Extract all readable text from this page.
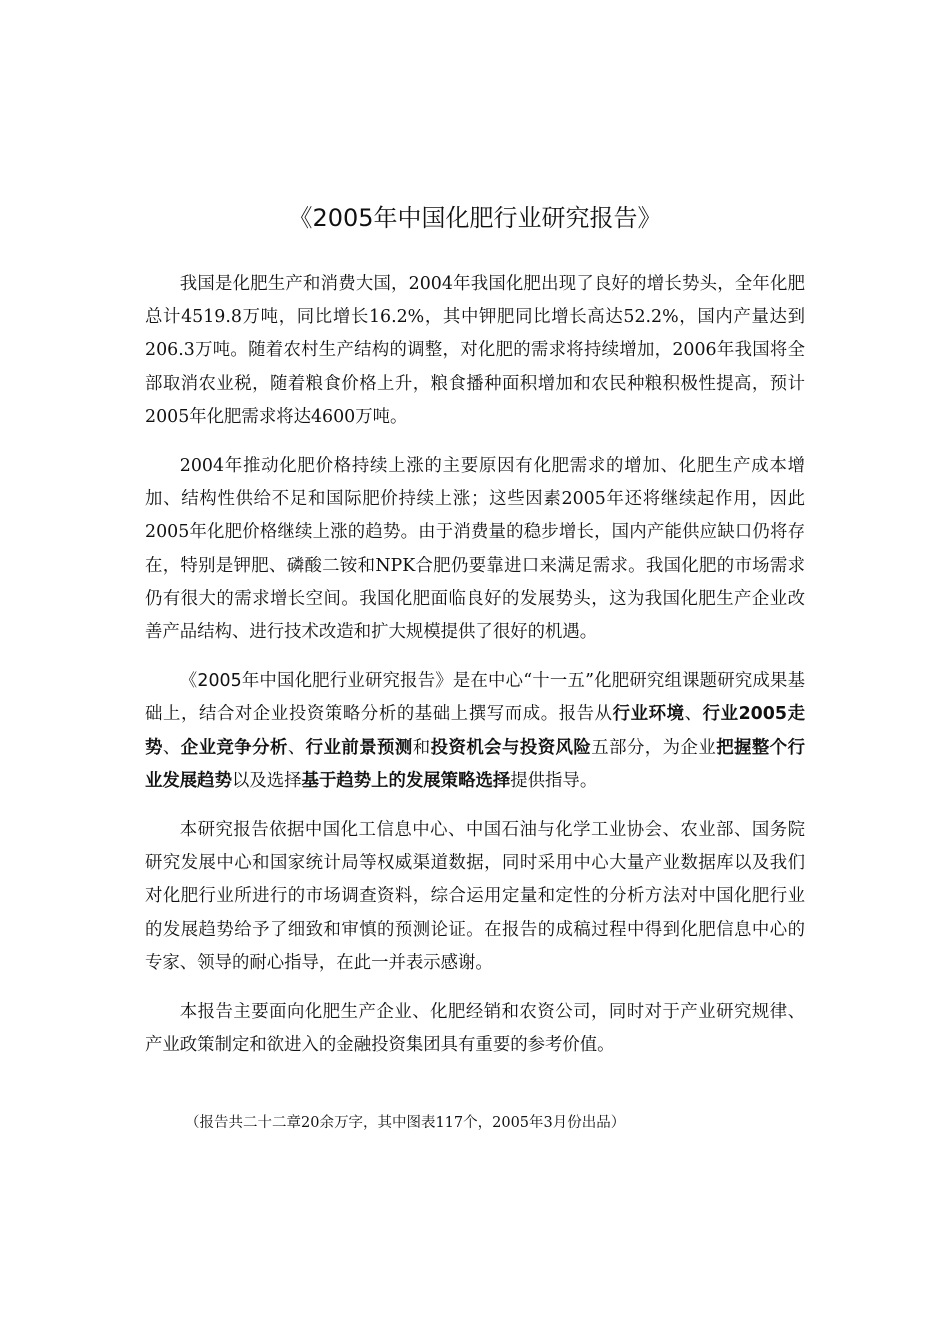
《2005年中国化肥行业研究报告》

我国是化肥生产和消费大国，2004年我国化肥出现了良好的增长势头，全年化肥总计4519.8万吨，同比增长16.2%，其中钾肥同比增长高达52.2%，国内产量达到206.3万吨。随着农村生产结构的调整，对化肥的需求将持续增加，2006年我国将全部取消农业税，随着粮食价格上升，粮食播种面积增加和农民种粮积极性提高，预计2005年化肥需求将达4600万吨。

2004年推动化肥价格持续上涨的主要原因有化肥需求的增加、化肥生产成本增加、结构性供给不足和国际肥价持续上涨；这些因素2005年还将继续起作用，因此2005年化肥价格继续上涨的趋势。由于消费量的稳步增长，国内产能供应缺口仍将存在，特别是钾肥、磷酸二铵和NPK合肥仍要靠进口来满足需求。我国化肥的市场需求仍有很大的需求增长空间。我国化肥面临良好的发展势头，这为我国化肥生产企业改善产品结构、进行技术改造和扩大规模提供了很好的机遇。

《2005年中国化肥行业研究报告》是在中心“十一五”化肥研究组课题研究成果基础上，结合对企业投资策略分析的基础上撰写而成。报告从行业环境、行业2005走势、企业竞争分析、行业前景预测和投资机会与投资风险五部分，为企业把握整个行业发展趋势以及选择基于趋势上的发展策略选择提供指导。

本研究报告依据中国化工信息中心、中国石油与化学工业协会、农业部、国务院研究发展中心和国家统计局等权威渠道数据，同时采用中心大量产业数据库以及我们对化肥行业所进行的市场调查资料，综合运用定量和定性的分析方法对中国化肥行业的发展趋势给予了细致和审慎的预测论证。在报告的成稿过程中得到化肥信息中心的专家、领导的耐心指导，在此一并表示感谢。

本报告主要面向化肥生产企业、化肥经销和农资公司，同时对于产业研究规律、产业政策制定和欲进入的金融投资集团具有重要的参考价值。

（报告共二十二章20余万字，其中图表117个，2005年3月份出品）
